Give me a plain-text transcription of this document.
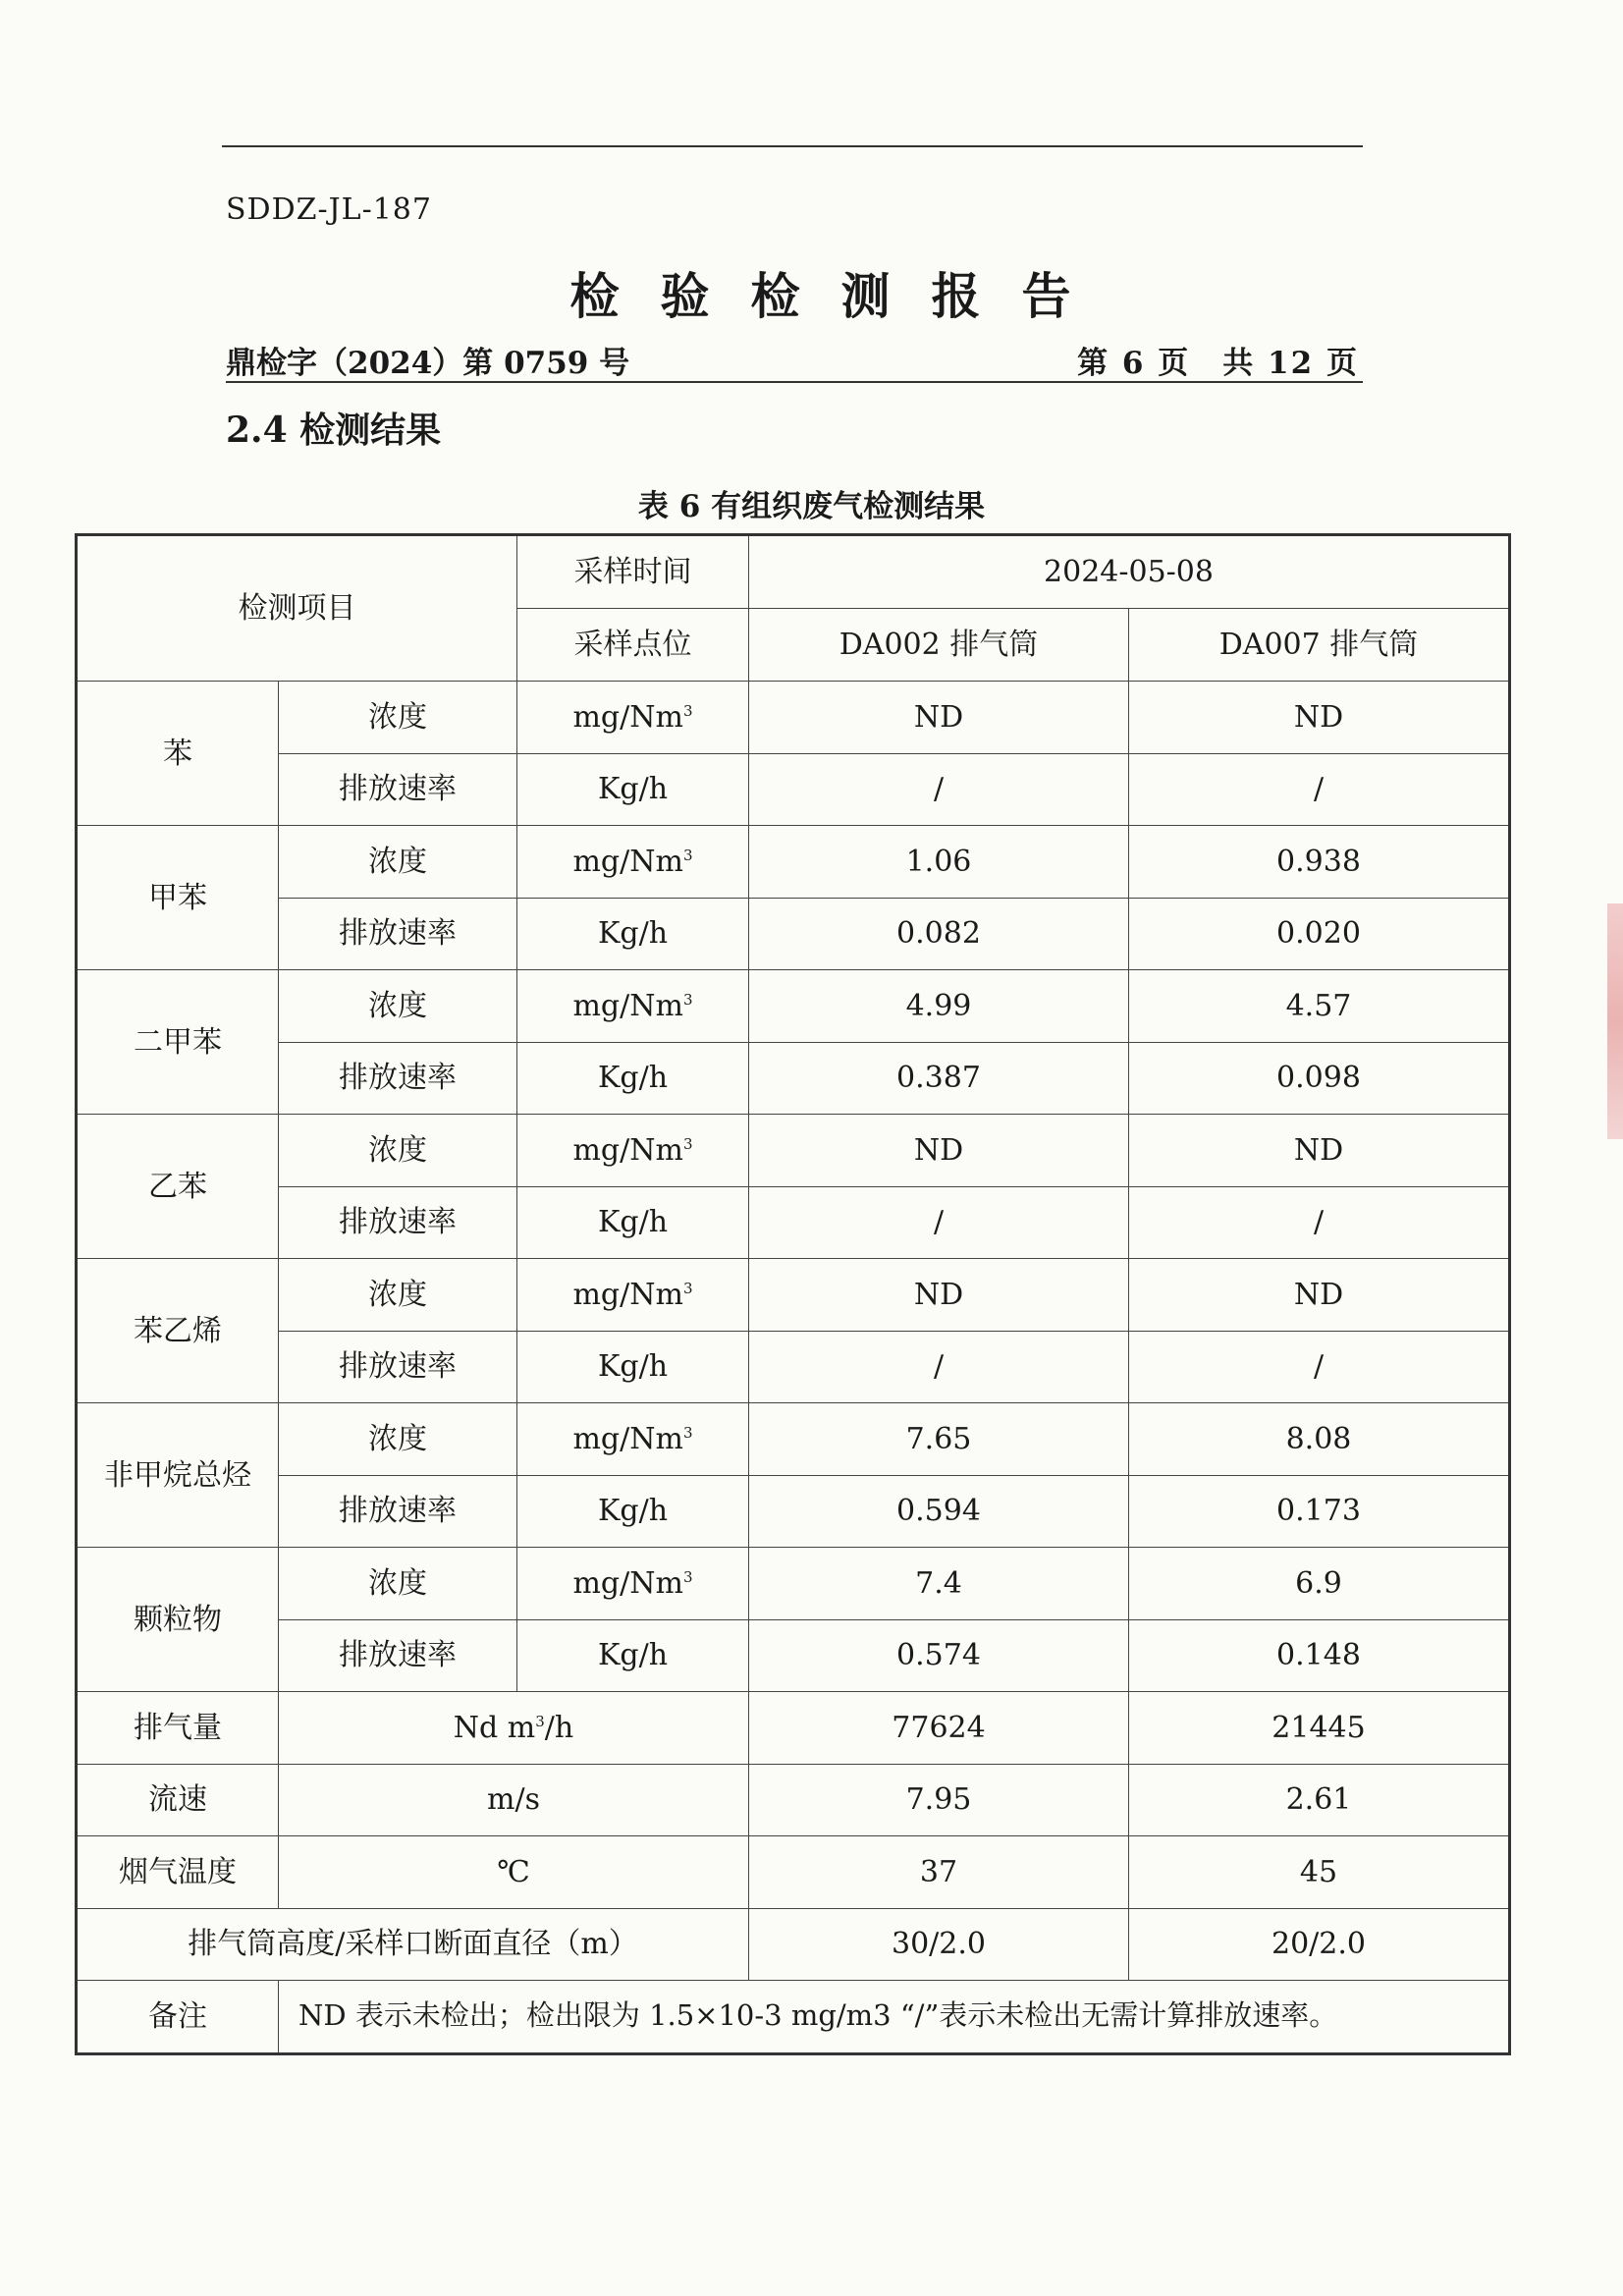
SDDZ-JL-187
检验检测报告
鼎检字（2024）第 0759 号	第 6 页　共 12 页
2.4 检测结果
表 6 有组织废气检测结果
检测项目		采样时间	2024-05-08	
		采样点位	DA002 排气筒	DA007 排气筒
苯	浓度	mg/Nm$^3$	ND	ND
	排放速率	Kg/h	/	/
甲苯	浓度	mg/Nm$^3$	1.06	0.938
	排放速率	Kg/h	0.082	0.020
二甲苯	浓度	mg/Nm$^3$	4.99	4.57
	排放速率	Kg/h	0.387	0.098
乙苯	浓度	mg/Nm$^3$	ND	ND
	排放速率	Kg/h	/	/
苯乙烯	浓度	mg/Nm$^3$	ND	ND
	排放速率	Kg/h	/	/
非甲烷总烃	浓度	mg/Nm$^3$	7.65	8.08
	排放速率	Kg/h	0.594	0.173
颗粒物	浓度	mg/Nm$^3$	7.4	6.9
	排放速率	Kg/h	0.574	0.148
排气量	Nd $m^3/h$		77624	21445
流速	m/s		7.95	2.61
烟气温度	℃		37	45
排气筒高度/采样口断面直径（m）			30/2.0	20/2.0
备注	ND 表示未检出；检出限为 1.5×10-3 mg/m3 “/”表示未检出无需计算排放速率。			
